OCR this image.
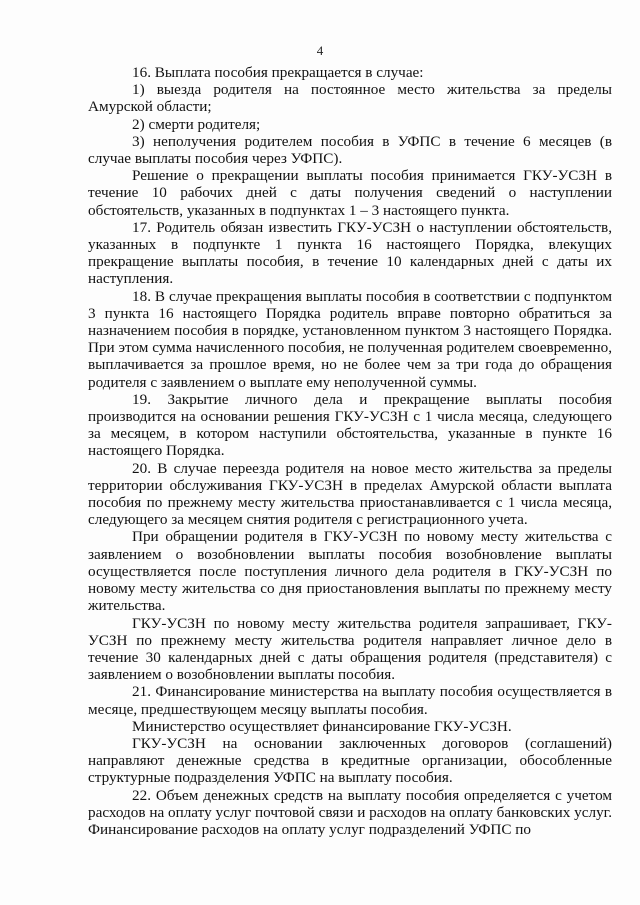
4

16. Выплата пособия прекращается в случае:

1) выезда родителя на постоянное место жительства за пределы Амурской области;

2) смерти родителя;

3) неполучения родителем пособия в УФПС в течение 6 месяцев (в случае выплаты пособия через УФПС).

Решение о прекращении выплаты пособия принимается ГКУ-УСЗН в течение 10 рабочих дней с даты получения сведений о наступлении обстоятельств, указанных в подпунктах 1 – 3 настоящего пункта.

17. Родитель обязан известить ГКУ-УСЗН о наступлении обстоятельств, указанных в подпункте 1 пункта 16 настоящего Порядка, влекущих прекращение выплаты пособия, в течение 10 календарных дней с даты их наступления.

18. В случае прекращения выплаты пособия в соответствии с подпунктом 3 пункта 16 настоящего Порядка родитель вправе повторно обратиться за назначением пособия в порядке, установленном пунктом 3 настоящего Порядка. При этом сумма начисленного пособия, не полученная родителем своевременно, выплачивается за прошлое время, но не более чем за три года до обращения родителя с заявлением о выплате ему неполученной суммы.

19. Закрытие личного дела и прекращение выплаты пособия производится на основании решения ГКУ-УСЗН с 1 числа месяца, следующего за месяцем, в котором наступили обстоятельства, указанные в пункте 16 настоящего Порядка.

20. В случае переезда родителя на новое место жительства за пределы территории обслуживания ГКУ-УСЗН в пределах Амурской области выплата пособия по прежнему месту жительства приостанавливается с 1 числа месяца, следующего за месяцем снятия родителя с регистрационного учета.

При обращении родителя в ГКУ-УСЗН по новому месту жительства с заявлением о возобновлении выплаты пособия возобновление выплаты осуществляется после поступления личного дела родителя в ГКУ-УСЗН по новому месту жительства со дня приостановления выплаты по прежнему месту жительства.

ГКУ-УСЗН по новому месту жительства родителя запрашивает, ГКУ-УСЗН по прежнему месту жительства родителя направляет личное дело в течение 30 календарных дней с даты обращения родителя (представителя) с заявлением о возобновлении выплаты пособия.

21. Финансирование министерства на выплату пособия осуществляется в месяце, предшествующем месяцу выплаты пособия.

Министерство осуществляет финансирование ГКУ-УСЗН.

ГКУ-УСЗН на основании заключенных договоров (соглашений) направляют денежные средства в кредитные организации, обособленные структурные подразделения УФПС на выплату пособия.

22. Объем денежных средств на выплату пособия определяется с учетом расходов на оплату услуг почтовой связи и расходов на оплату банковских услуг. Финансирование расходов на оплату услуг подразделений УФПС по
